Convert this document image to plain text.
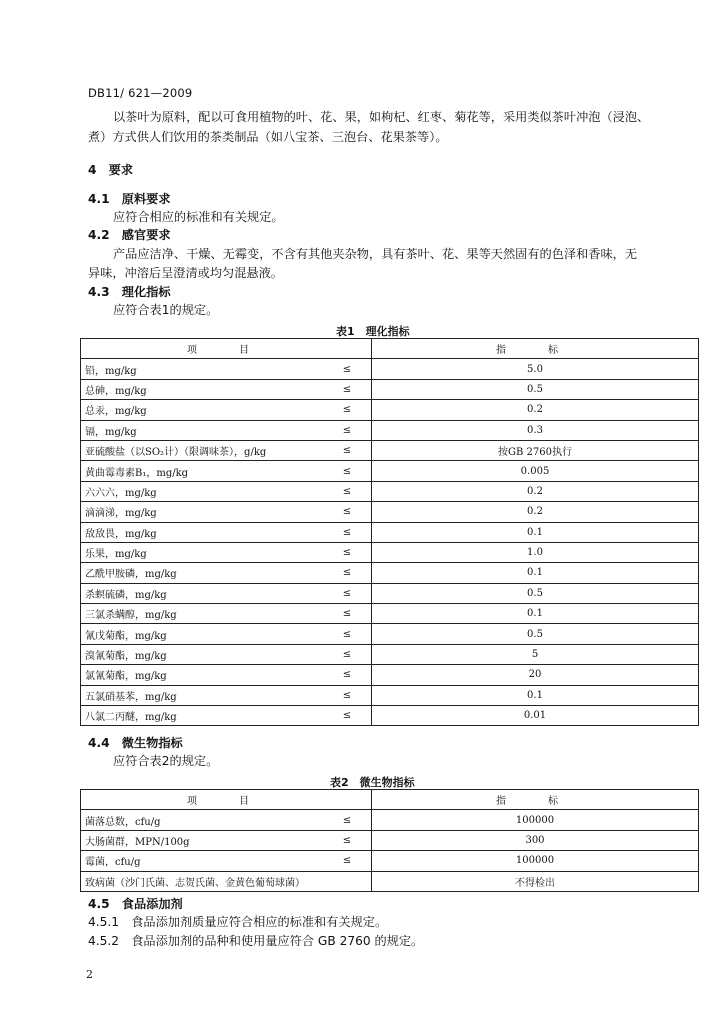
DB11/ 621—2009
以茶叶为原料，配以可食用植物的叶、花、果，如枸杞、红枣、菊花等，采用类似茶叶冲泡（浸泡、煮）方式供人们饮用的茶类制品（如八宝茶、三泡台、花果茶等）。
4　要求
4.1　原料要求
应符合相应的标准和有关规定。
4.2　感官要求
产品应洁净、干燥、无霉变，不含有其他夹杂物，具有茶叶、花、果等天然固有的色泽和香味，无
异味，冲溶后呈澄清或均匀混悬液。
4.3　理化指标
应符合表1的规定。
表1　理化指标
项　目		指　标
铅，mg/kg	≤	5.0
总砷，mg/kg	≤	0.5
总汞，mg/kg	≤	0.2
镉，mg/kg	≤	0.3
亚硫酸盐（以SO₂计）（限调味茶），g/kg	≤	按GB 2760执行
黄曲霉毒素B₁，mg/kg	≤	0.005
六六六，mg/kg	≤	0.2
滴滴涕，mg/kg	≤	0.2
敌敌畏，mg/kg	≤	0.1
乐果，mg/kg	≤	1.0
乙酰甲胺磷，mg/kg	≤	0.1
杀螟硫磷，mg/kg	≤	0.5
三氯杀螨醇，mg/kg	≤	0.1
氰戊菊酯，mg/kg	≤	0.5
溴氰菊酯，mg/kg	≤	5
氯氰菊酯，mg/kg	≤	20
五氯硝基苯，mg/kg	≤	0.1
八氯二丙醚，mg/kg	≤	0.01
4.4　微生物指标
应符合表2的规定。
表2　微生物指标
项　目		指　标
菌落总数，cfu/g	≤	100000
大肠菌群，MPN/100g	≤	300
霉菌，cfu/g	≤	100000
致病菌（沙门氏菌、志贺氏菌、金黄色葡萄球菌）		不得检出
4.5　食品添加剂
4.5.1　食品添加剂质量应符合相应的标准和有关规定。
4.5.2　食品添加剂的品种和使用量应符合 GB 2760 的规定。
2
